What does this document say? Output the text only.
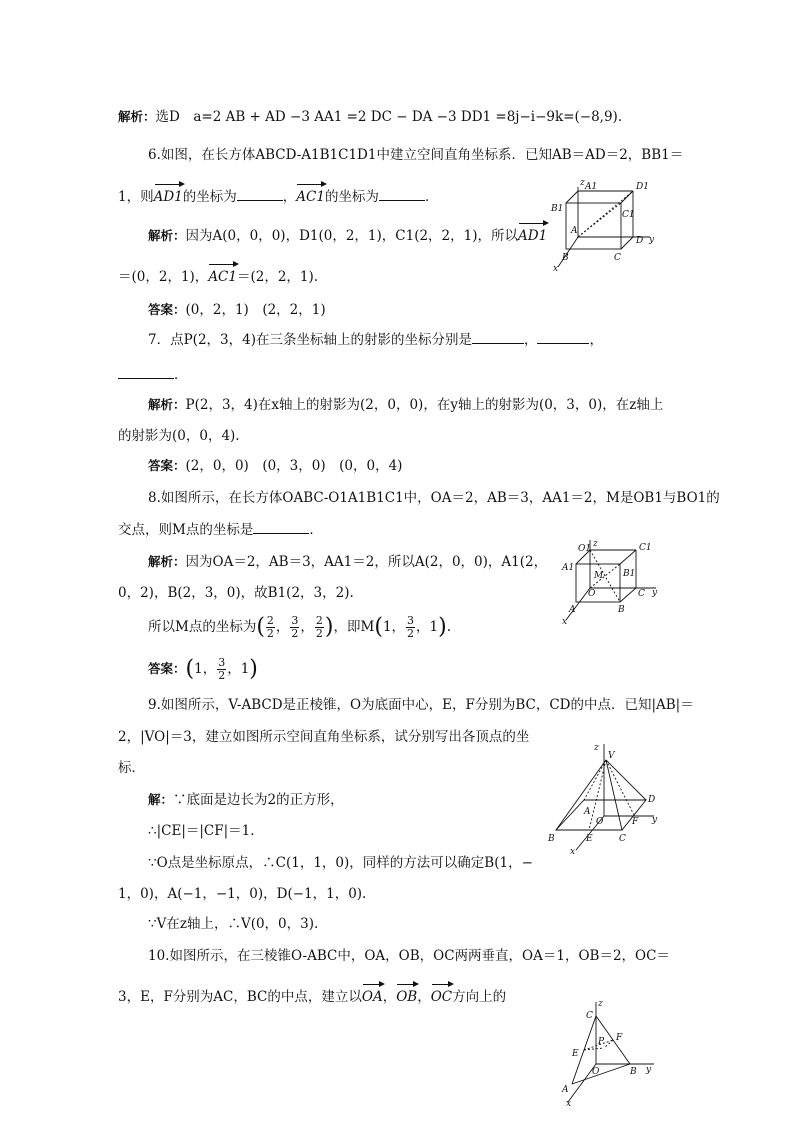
解析：选D　a=2 AB + AD −3 AA1 =2 DC − DA −3 DD1 =8j−i−9k=(−8,9).
6.如图，在长方体ABCD-A1B1C1D1中建立空间直角坐标系．已知AB＝AD＝2，BB1＝
1，则AD1的坐标为	，AC1的坐标为	．
解析：因为A(0，0，0)，D1(0，2，1)，C1(2，2，1)，所以AD1
＝(0，2，1)，AC1＝(2，2，1).
答案：(0，2，1)　(2，2，1)
z A1	D1
B1
C1
A
D y
B	C
x
7．点P(2，3，4)在三条坐标轴上的射影的坐标分别是	，	，
．
解析：P(2，3，4)在x轴上的射影为(2，0，0)，在y轴上的射影为(0，3，0)，在z轴上
的射影为(0，0，4).
答案：(2，0，0)　(0，3，0)　(0，0，4)
8.如图所示，在长方体OABC-O1A1B1C1中，OA＝2，AB＝3，AA1＝2，M是OB1与BO1的
交点，则M点的坐标是	．
解析：因为OA＝2，AB＝3，AA1＝2，所以A(2，0，0)，A1(2，
0，2)，B(2，3，0)，故B1(2，3，2).
所以M点的坐标为( $\frac{2}{2}$ ， $\frac{3}{2}$ ， $\frac{2}{2}$ )，即M(1， $\frac{3}{2}$ ，1).
答案：(1， $\frac{3}{2}$ ，1)
z
O1	C1
A1
M B1
O	C y
A	B
x
9.如图所示，V-ABCD是正棱锥，O为底面中心，E，F分别为BC，CD的中点．已知|AB|＝
2，|VO|＝3，建立如图所示空间直角坐标系，试分别写出各顶点的坐
标．
解：∵底面是边长为2的正方形，
∴|CE|＝|CF|＝1.
∵O点是坐标原点，∴C(1，1，0)，同样的方法可以确定B(1，−
1，0)，A(−1，−1，0)，D(−1，1，0).
∵V在z轴上，∴V(0，0，3).
z
V
A
D
O
B	E	C
F y
x
10.如图所示，在三棱锥O-ABC中，OA，OB，OC两两垂直，OA＝1，OB＝2，OC＝
3，E，F分别为AC，BC的中点，建立以OA，OB，OC方向上的	z
C
F
P
E
O	B y
A
x
